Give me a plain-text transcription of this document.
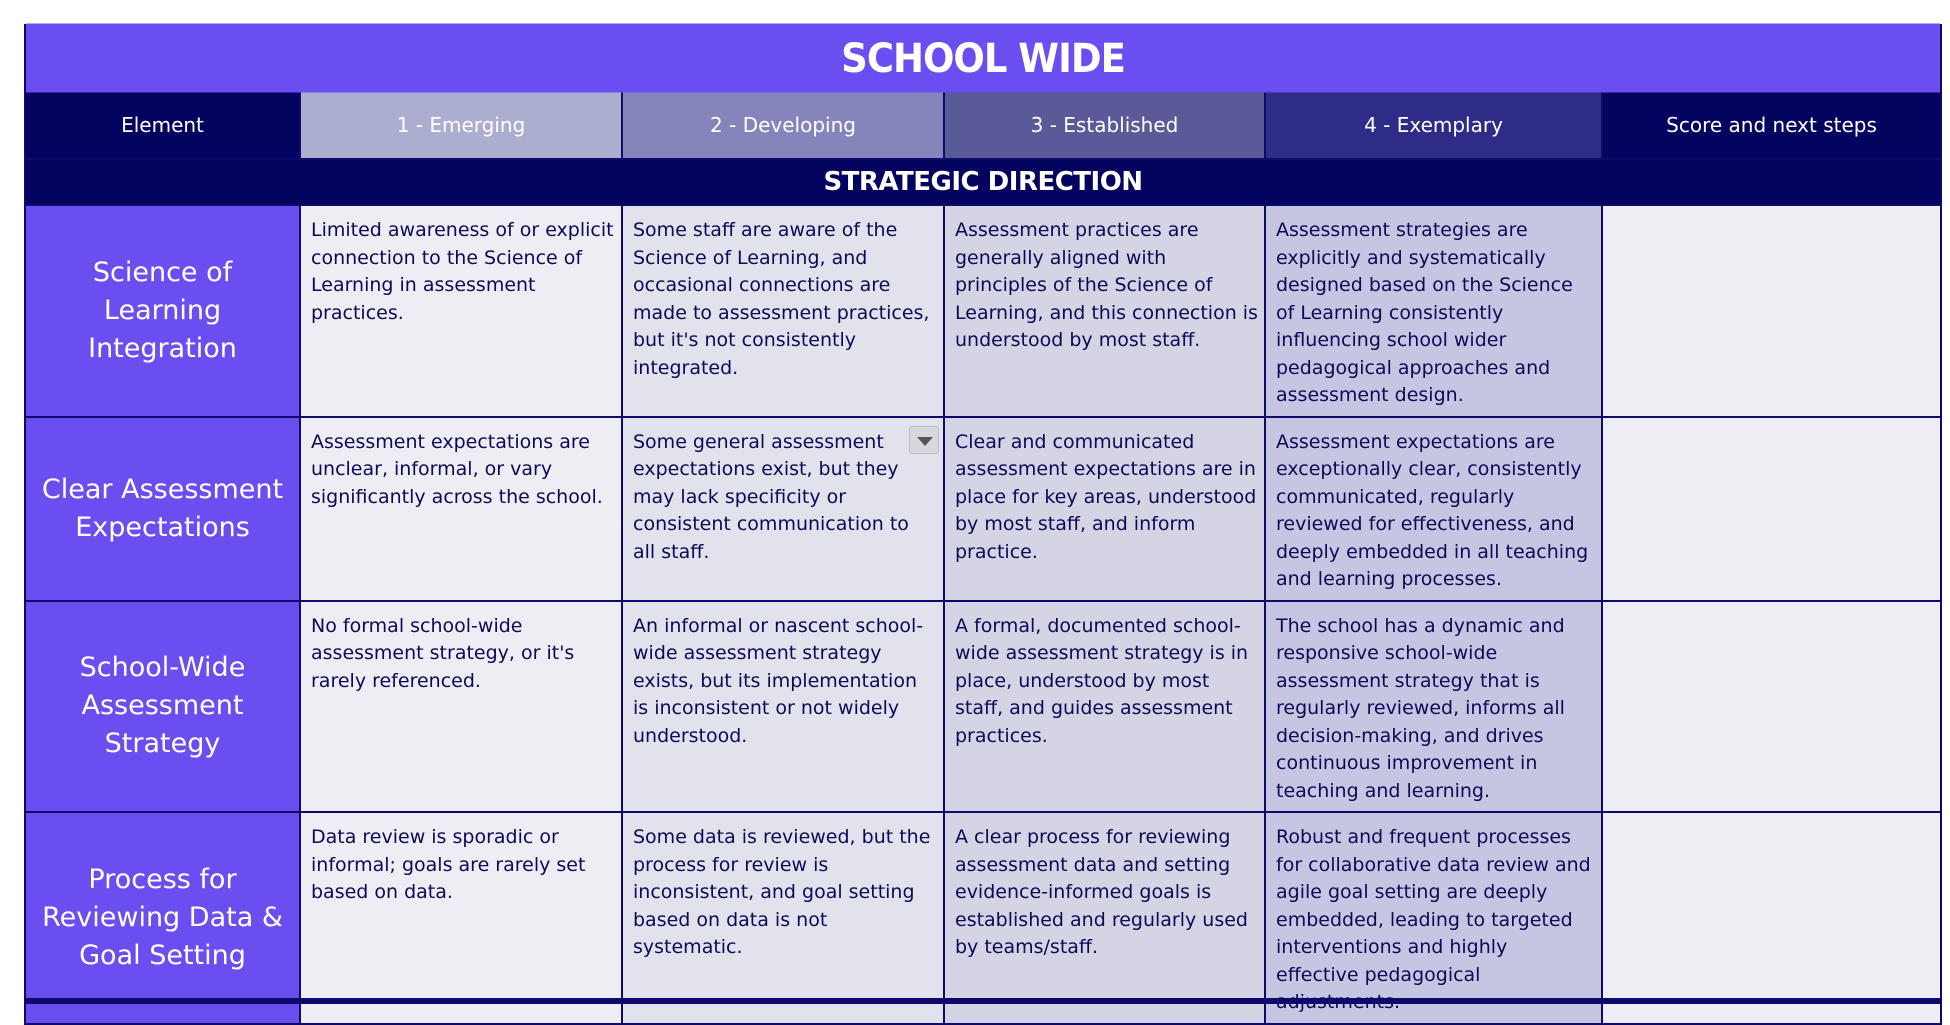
SCHOOL WIDE					
Element	1 - Emerging	2 - Developing	3 - Established	4 - Exemplary	Score and next steps
STRATEGIC DIRECTION					
Science of Learning Integration	Limited awareness of or explicit connection to the Science of Learning in assessment practices.	Some staff are aware of the Science of Learning, and occasional connections are made to assessment practices, but it's not consistently integrated.	Assessment practices are generally aligned with principles of the Science of Learning, and this connection is understood by most staff.	Assessment strategies are explicitly and systematically designed based on the Science of Learning consistently influencing school wider pedagogical approaches and assessment design.	
Clear Assessment Expectations	Assessment expectations are unclear, informal, or vary significantly across the school.	Some general assessment expectations exist, but they may lack specificity or consistent communication to all staff.	Clear and communicated assessment expectations are in place for key areas, understood by most staff, and inform practice.	Assessment expectations are exceptionally clear, consistently communicated, regularly reviewed for effectiveness, and deeply embedded in all teaching and learning processes.	
School-Wide Assessment Strategy	No formal school-wide assessment strategy, or it's rarely referenced.	An informal or nascent school-wide assessment strategy exists, but its implementation is inconsistent or not widely understood.	A formal, documented school-wide assessment strategy is in place, understood by most staff, and guides assessment practices.	The school has a dynamic and responsive school-wide assessment strategy that is regularly reviewed, informs all decision-making, and drives continuous improvement in teaching and learning.	
Process for Reviewing Data & Goal Setting	Data review is sporadic or informal; goals are rarely set based on data.	Some data is reviewed, but the process for review is inconsistent, and goal setting based on data is not systematic.	A clear process for reviewing assessment data and setting evidence-informed goals is established and regularly used by teams/staff.	Robust and frequent processes for collaborative data review and agile goal setting are deeply embedded, leading to targeted interventions and highly effective pedagogical	
